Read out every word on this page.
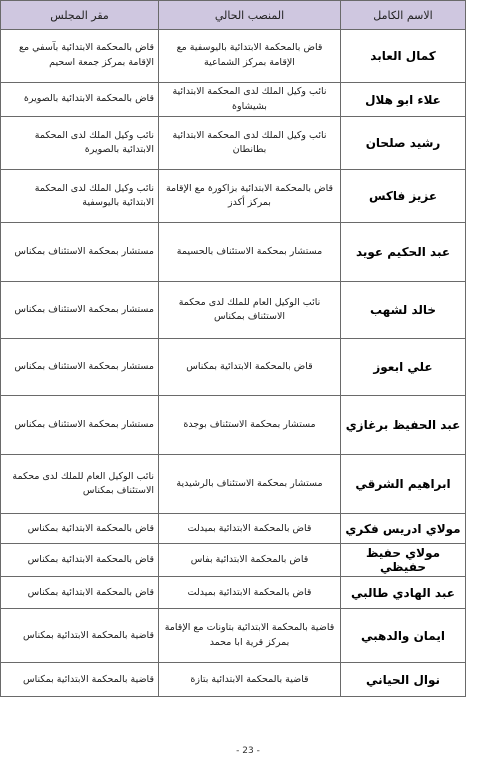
الاسم الكامل	المنصب الحالي	مقر المجلس
كمال العابد	قاض بالمحكمة الابتدائية باليوسفية مع الإقامة بمركز الشماعية	قاض بالمحكمة الابتدائية بآسفي مع الإقامة بمركز جمعة اسحيم
علاء ابو هلال	نائب وكيل الملك لدى المحكمة الابتدائية بشيشاوة	قاض بالمحكمة الابتدائية بالصويرة
رشيد صلحان	نائب وكيل الملك لدى المحكمة الابتدائية بطانطان	نائب وكيل الملك لدى المحكمة الابتدائية بالصويرة
عزيز فاكس	قاض بالمحكمة الابتدائية بزاكورة مع الإقامة بمركز أكدز	نائب وكيل الملك لدى المحكمة الابتدائية باليوسفية
عبد الحكيم عويد	مستشار بمحكمة الاستئناف بالحسيمة	مستشار بمحكمة الاستئناف بمكناس
خالد لشهب	نائب الوكيل العام للملك لدى محكمة الاستئناف بمكناس	مستشار بمحكمة الاستئناف بمكناس
علي ابعوز	قاض بالمحكمة الابتدائية بمكناس	مستشار بمحكمة الاستئناف بمكناس
عبد الحفيظ برغازي	مستشار بمحكمة الاستئناف بوجدة	مستشار بمحكمة الاستئناف بمكناس
ابراهيم الشرقي	مستشار بمحكمة الاستئناف بالرشيدية	نائب الوكيل العام للملك لدى محكمة الاستئناف بمكناس
مولاي ادريس فكري	قاض بالمحكمة الابتدائية بميدلت	قاض بالمحكمة الابتدائية بمكناس
مولاي حفيظ حفيظي	قاض بالمحكمة الابتدائية بفاس	قاض بالمحكمة الابتدائية بمكناس
عبد الهادي طالبي	قاض بالمحكمة الابتدائية بميدلت	قاض بالمحكمة الابتدائية بمكناس
ايمان والدهبي	قاضية بالمحكمة الابتدائية بتاونات مع الإقامة بمركز قرية ابا محمد	قاضية بالمحكمة الابتدائية بمكناس
نوال الحياني	قاضية بالمحكمة الابتدائية بتازة	قاضية بالمحكمة الابتدائية بمكناس
- 23 -
